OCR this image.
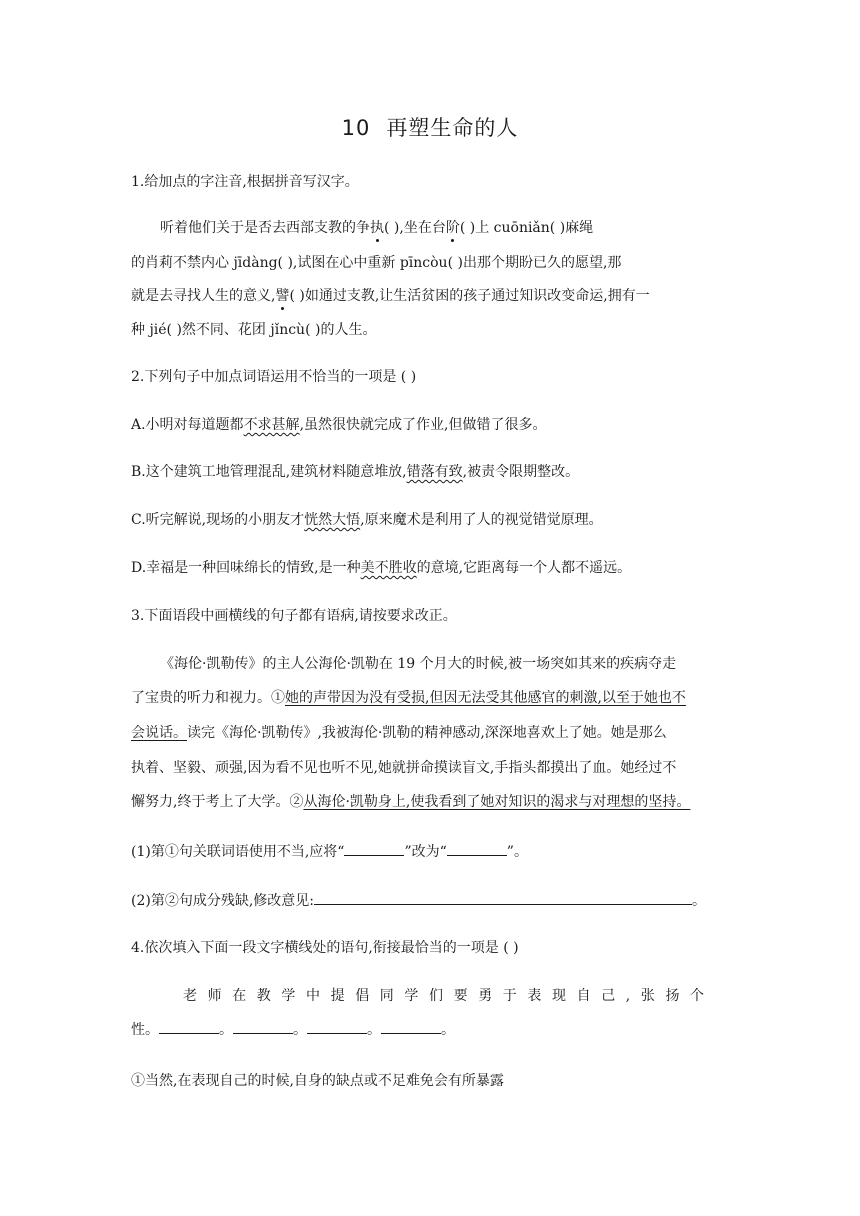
10 再塑生命的人
1.给加点的字注音,根据拼音写汉字。
听着他们关于是否去西部支教的争执( ),坐在台阶( )上 cuōniǎn( )麻绳
的肖莉不禁内心 jīdàng( ),试图在心中重新 pīncòu( )出那个期盼已久的愿望,那
就是去寻找人生的意义,譬( )如通过支教,让生活贫困的孩子通过知识改变命运,拥有一
种 jié( )然不同、花团 jǐncù( )的人生。
2.下列句子中加点词语运用不恰当的一项是 ( )
A.小明对每道题都不求甚解,虽然很快就完成了作业,但做错了很多。
B.这个建筑工地管理混乱,建筑材料随意堆放,错落有致,被责令限期整改。
C.听完解说,现场的小朋友才恍然大悟,原来魔术是利用了人的视觉错觉原理。
D.幸福是一种回味绵长的情致,是一种美不胜收的意境,它距离每一个人都不遥远。
3.下面语段中画横线的句子都有语病,请按要求改正。
《海伦·凯勒传》的主人公海伦·凯勒在 19 个月大的时候,被一场突如其来的疾病夺走
了宝贵的听力和视力。①她的声带因为没有受损,但因无法受其他感官的刺激,以至于她也不
会说话。读完《海伦·凯勒传》,我被海伦·凯勒的精神感动,深深地喜欢上了她。她是那么
执着、坚毅、顽强,因为看不见也听不见,她就拼命摸读盲文,手指头都摸出了血。她经过不
懈努力,终于考上了大学。②从海伦·凯勒身上,使我看到了她对知识的渴求与对理想的坚持。
(1)第①句关联词语使用不当,应将“	”改为“	”。
(2)第②句成分残缺,修改意见:	。
4.依次填入下面一段文字横线处的语句,衔接最恰当的一项是 ( )
老师在教学中提倡同学们要勇于表现自己,张扬个
性。	。	。	。	。
①当然,在表现自己的时候,自身的缺点或不足难免会有所暴露
